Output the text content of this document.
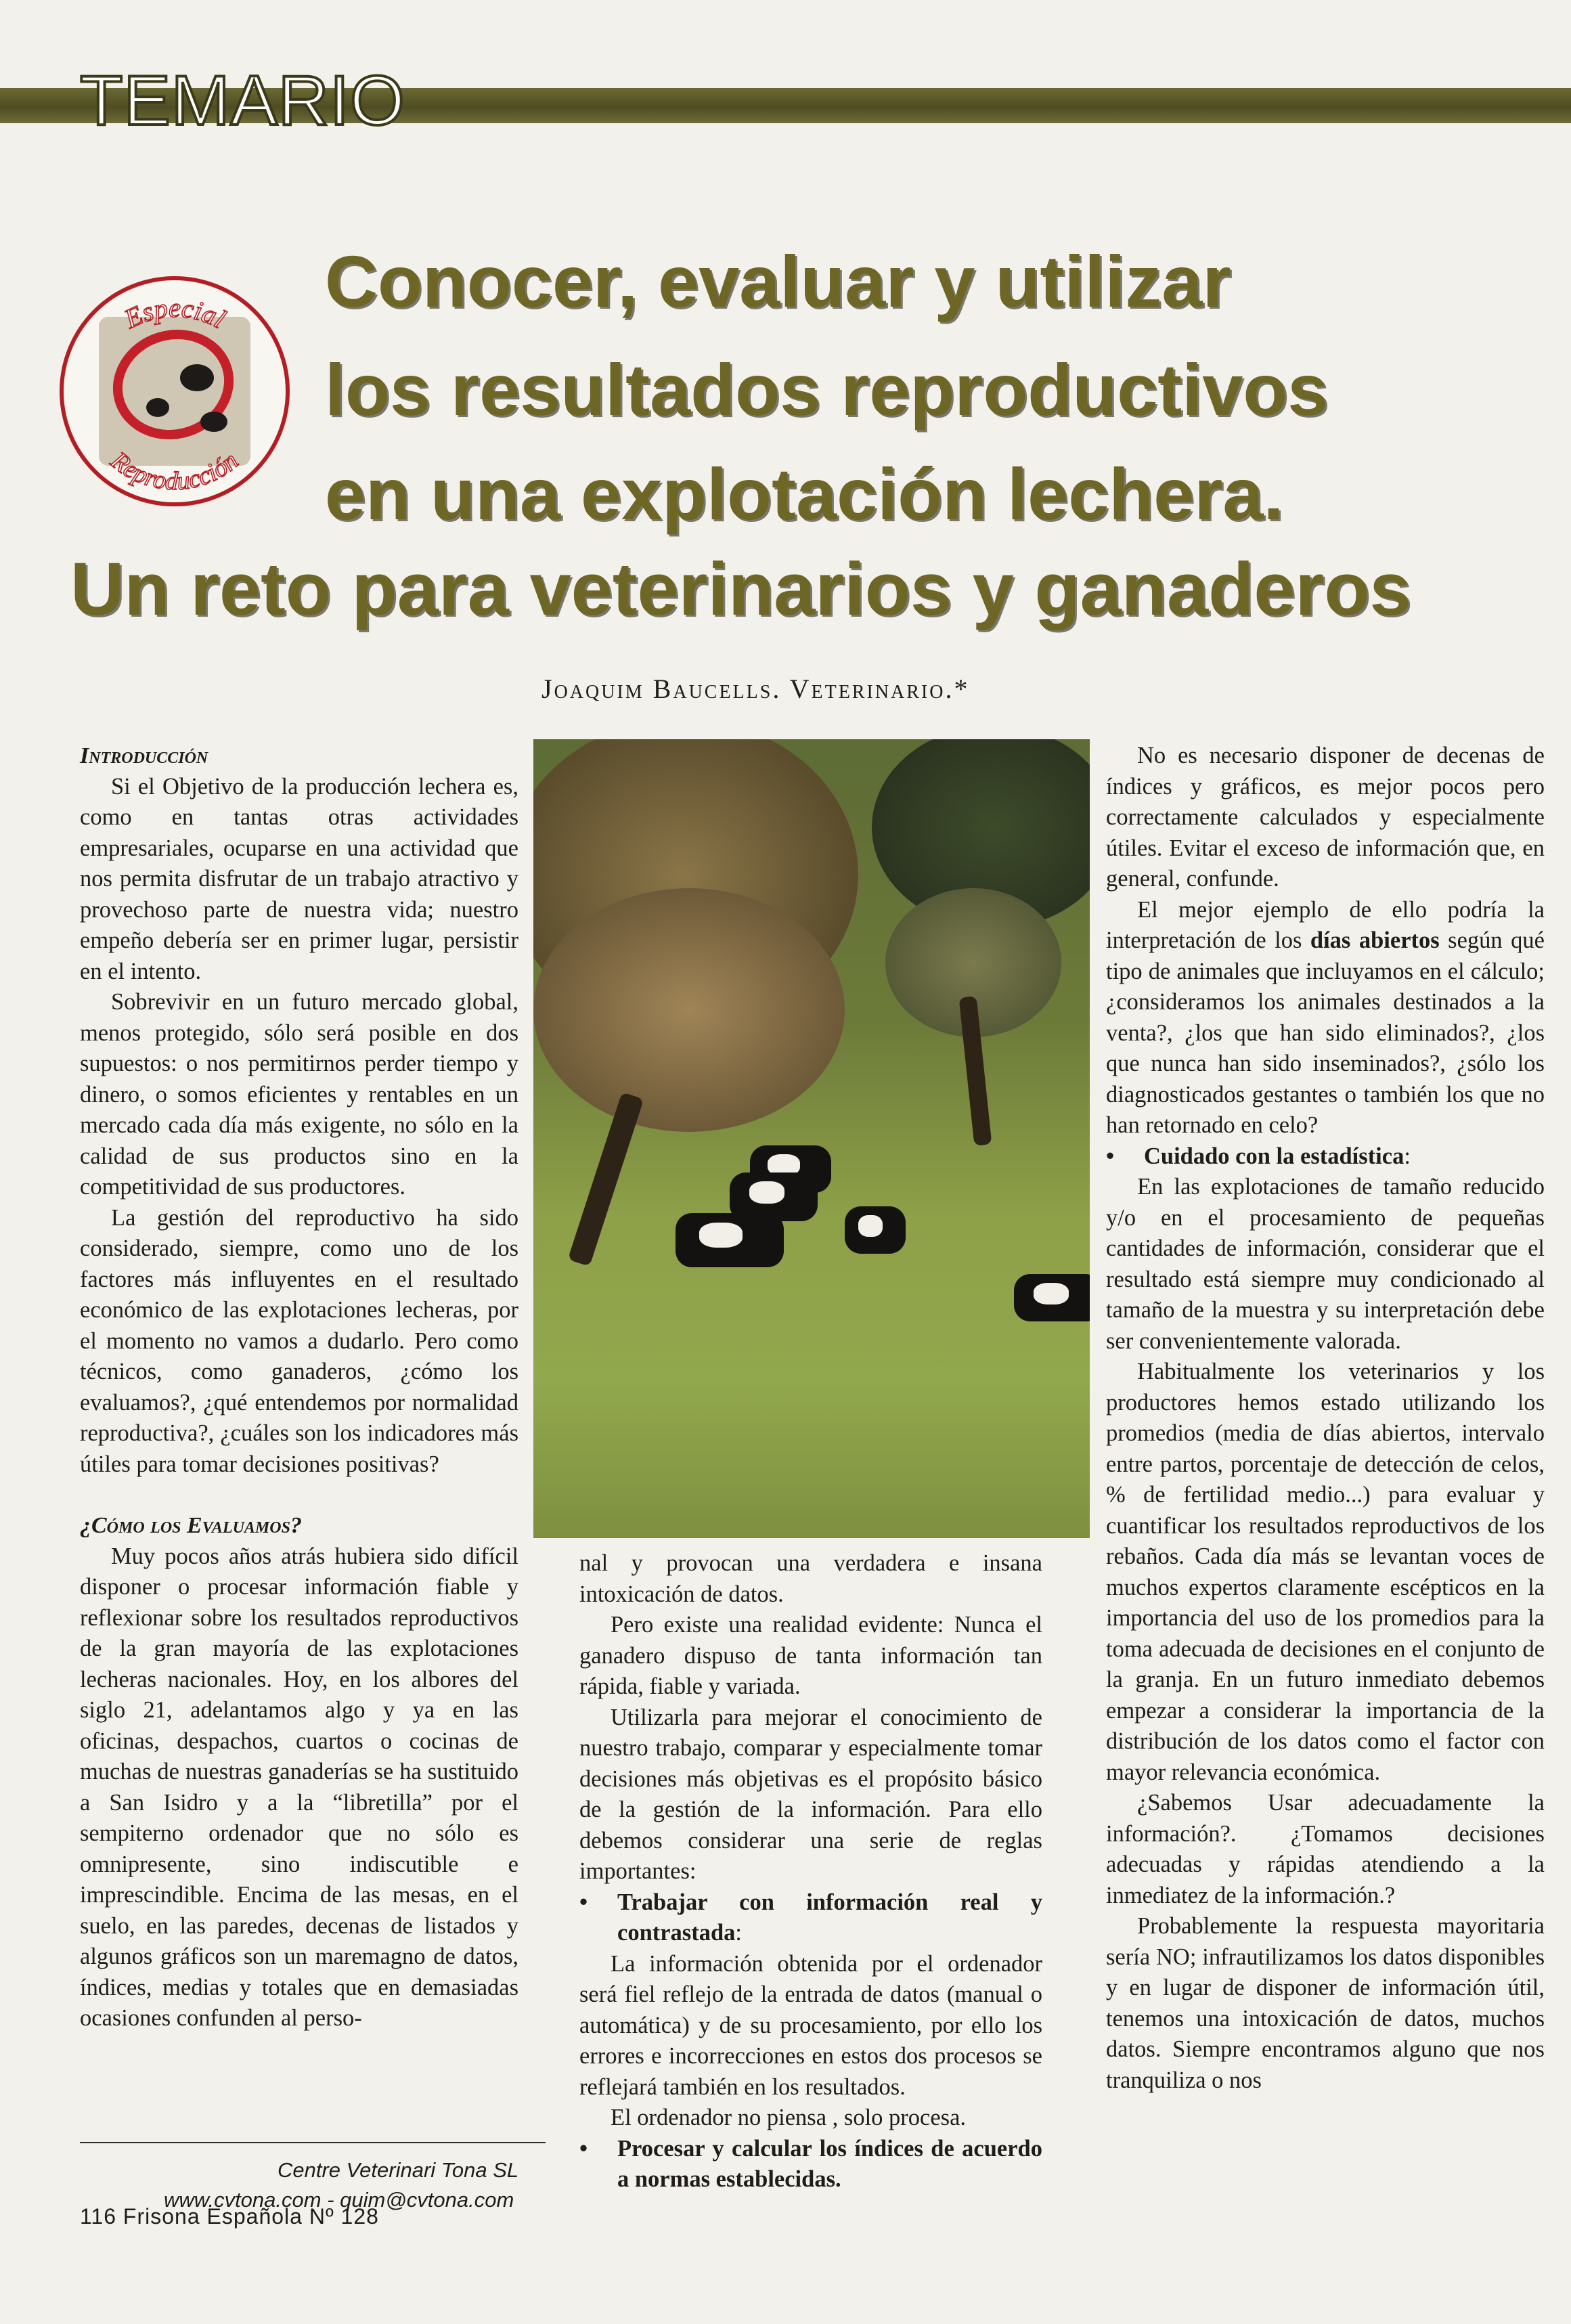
TEMARIO
Especial
Reproducción
Conocer, evaluar y utilizar
los resultados reproductivos
en una explotación lechera.
Un reto para veterinarios y ganaderos
Joaquim Baucells. Veterinario.*
Introducción

Si el Objetivo de la producción lechera es, como en tantas otras actividades empresariales, ocuparse en una actividad que nos permita disfrutar de un trabajo atractivo y provechoso parte de nuestra vida; nuestro empeño debería ser en primer lugar, persistir en el intento.

Sobrevivir en un futuro mercado global, menos protegido, sólo será posible en dos supuestos: o nos permitirnos perder tiempo y dinero, o somos eficientes y rentables en un mercado cada día más exigente, no sólo en la calidad de sus productos sino en la competitividad de sus productores.

La gestión del reproductivo ha sido considerado, siempre, como uno de los factores más influyentes en el resultado económico de las explotaciones lecheras, por el momento no vamos a dudarlo. Pero como técnicos, como ganaderos, ¿cómo los evaluamos?, ¿qué entendemos por normalidad reproductiva?, ¿cuáles son los indicadores más útiles para tomar decisiones positivas?

¿Cómo los Evaluamos?

Muy pocos años atrás hubiera sido difícil disponer o procesar información fiable y reflexionar sobre los resultados reproductivos de la gran mayoría de las explotaciones lecheras nacionales. Hoy, en los albores del siglo 21, adelantamos algo y ya en las oficinas, despachos, cuartos o cocinas de muchas de nuestras ganaderías se ha sustituido a San Isidro y a la “libretilla” por el sempiterno ordenador que no sólo es omnipresente, sino indiscutible e imprescindible. Encima de las mesas, en el suelo, en las paredes, decenas de listados y algunos gráficos son un maremagno de datos, índices, medias y totales que en demasiadas ocasiones confunden al perso-

nal y provocan una verdadera e insana intoxicación de datos.

Pero existe una realidad evidente: Nunca el ganadero dispuso de tanta información tan rápida, fiable y variada.

Utilizarla para mejorar el conocimiento de nuestro trabajo, comparar y especialmente tomar decisiones más objetivas es el propósito básico de la gestión de la información. Para ello debemos considerar una serie de reglas importantes:

•	Trabajar con información real y contrastada:

La información obtenida por el ordenador será fiel reflejo de la entrada de datos (manual o automática) y de su procesamiento, por ello los errores e incorrecciones en estos dos procesos se reflejará también en los resultados.

El ordenador no piensa , solo procesa.

•	Procesar y calcular los índices de acuerdo a normas establecidas.

No es necesario disponer de decenas de índices y gráficos, es mejor pocos pero correctamente calculados y especialmente útiles. Evitar el exceso de información que, en general, confunde.

El mejor ejemplo de ello podría la interpretación de los días abiertos según qué tipo de animales que incluyamos en el cálculo; ¿consideramos los animales destinados a la venta?, ¿los que han sido eliminados?, ¿los que nunca han sido inseminados?, ¿sólo los diagnosticados gestantes o también los que no han retornado en celo?

•	Cuidado con la estadística:

En las explotaciones de tamaño reducido y/o en el procesamiento de pequeñas cantidades de información, considerar que el resultado está siempre muy condicionado al tamaño de la muestra y su interpretación debe ser convenientemente valorada.

Habitualmente los veterinarios y los productores hemos estado utilizando los promedios (media de días abiertos, intervalo entre partos, porcentaje de detección de celos, % de fertilidad medio...) para evaluar y cuantificar los resultados reproductivos de los rebaños. Cada día más se levantan voces de muchos expertos claramente escépticos en la importancia del uso de los promedios para la toma adecuada de decisiones en el conjunto de la granja. En un futuro inmediato debemos empezar a considerar la importancia de la distribución de los datos como el factor con mayor relevancia económica.

¿Sabemos Usar adecuadamente la información?. ¿Tomamos decisiones adecuadas y rápidas atendiendo a la inmediatez de la información.?

Probablemente la respuesta mayoritaria sería NO; infrautilizamos los datos disponibles y en lugar de disponer de información útil, tenemos una intoxicación de datos, muchos datos. Siempre encontramos alguno que nos tranquiliza o nos

Centre Veterinari Tona SL
www.cvtona.com - quim@cvtona.com
116 Frisona Española Nº 128
